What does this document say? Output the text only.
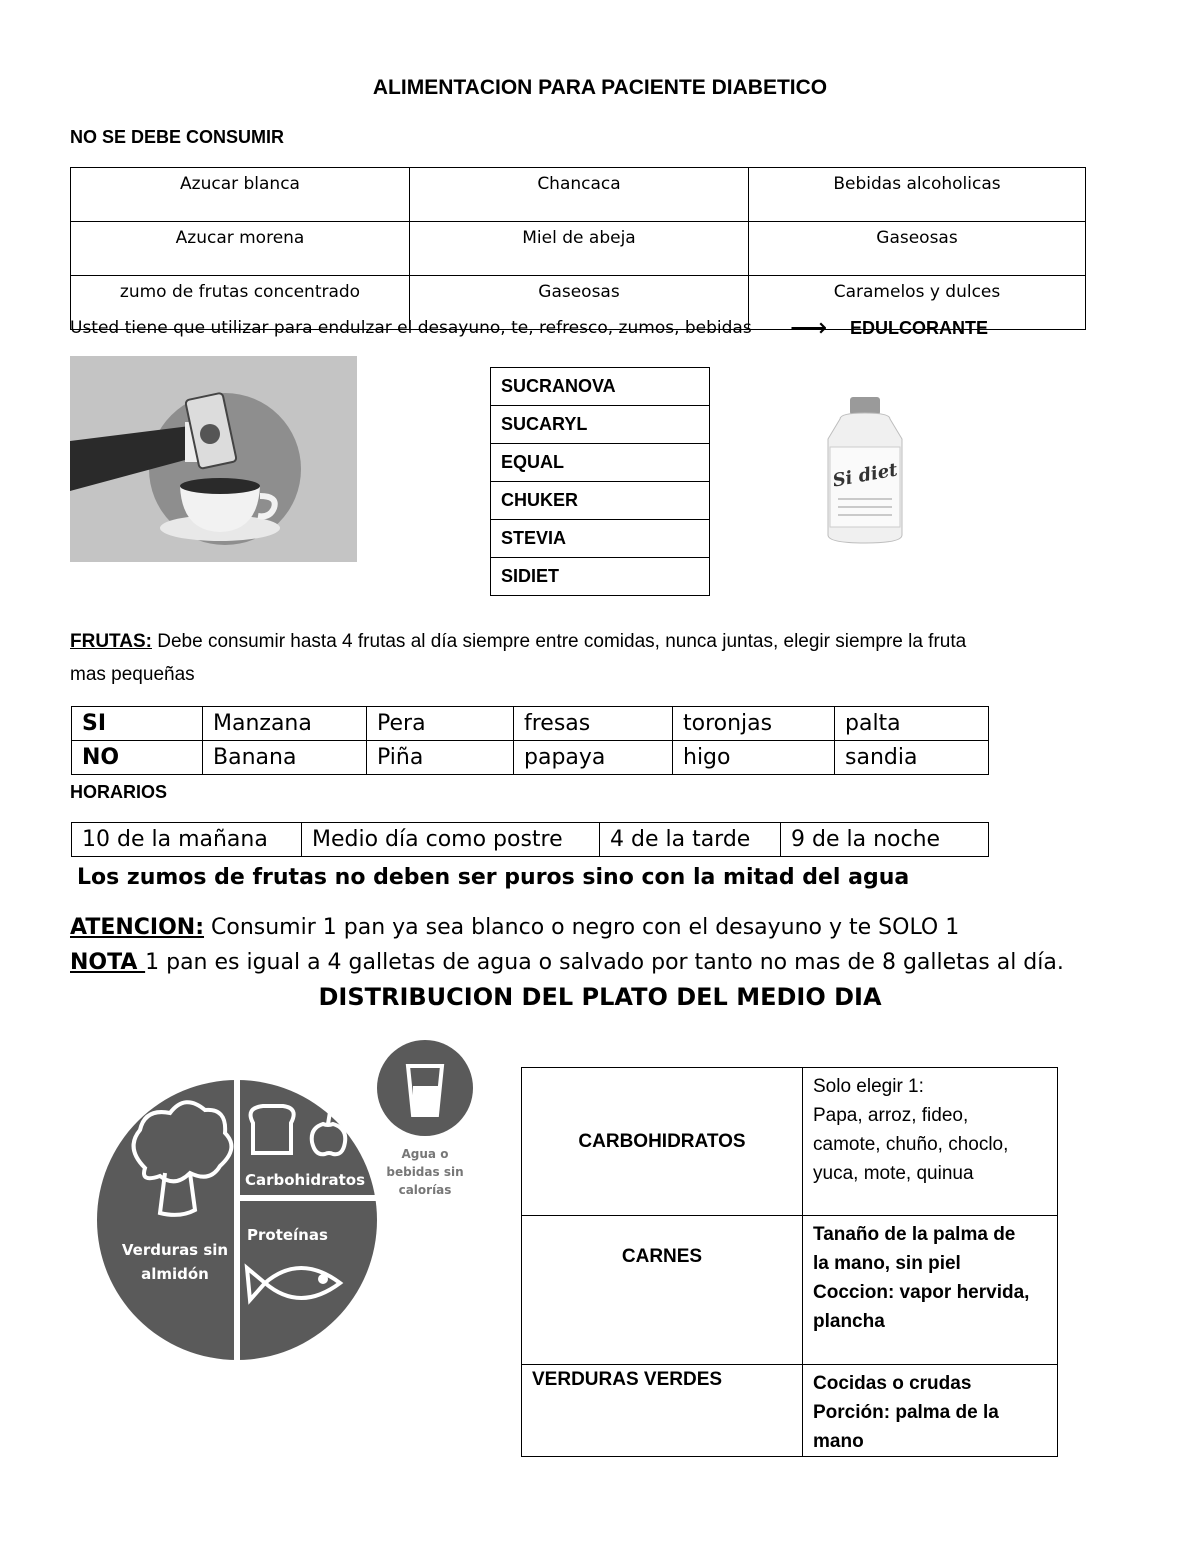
ALIMENTACION PARA PACIENTE DIABETICO
NO SE DEBE CONSUMIR
Azucar blanca	Chancaca	Bebidas alcoholicas
Azucar morena	Miel de abeja	Gaseosas
zumo de frutas concentrado	Gaseosas	Caramelos y dulces
Usted tiene que utilizar para endulzar el desayuno, te, refresco, zumos, bebidas ⟶ EDULCORANTE
SUCRANOVA
SUCARYL
EQUAL
CHUKER
STEVIA
SIDIET
Si diet
FRUTAS: Debe consumir hasta 4 frutas al día siempre entre comidas, nunca juntas, elegir siempre la fruta
mas pequeñas
SI	Manzana	Pera	fresas	toronjas	palta
NO	Banana	Piña	papaya	higo	sandia
HORARIOS
10 de la mañana	Medio día como postre	4 de la tarde	9 de la noche
Los zumos de frutas no deben ser puros sino con la mitad del agua
ATENCION: Consumir 1 pan ya sea blanco o negro con el desayuno y te SOLO 1
NOTA 1 pan es igual a 4 galletas de agua o salvado por tanto no mas de 8 galletas al día.
DISTRIBUCION DEL PLATO DEL MEDIO DIA
Verduras sin
almidón
Carbohidratos
Proteínas
Agua o
bebidas sin
calorías
CARBOHIDRATOS	Solo elegir 1:
Papa, arroz, fideo,
camote, chuño, choclo,
yuca, mote, quinua

CARNES	Tanaño de la palma de
la mano, sin piel
Coccion: vapor hervida,
plancha

VERDURAS VERDES	Cocidas o crudas
Porción: palma de la
mano
